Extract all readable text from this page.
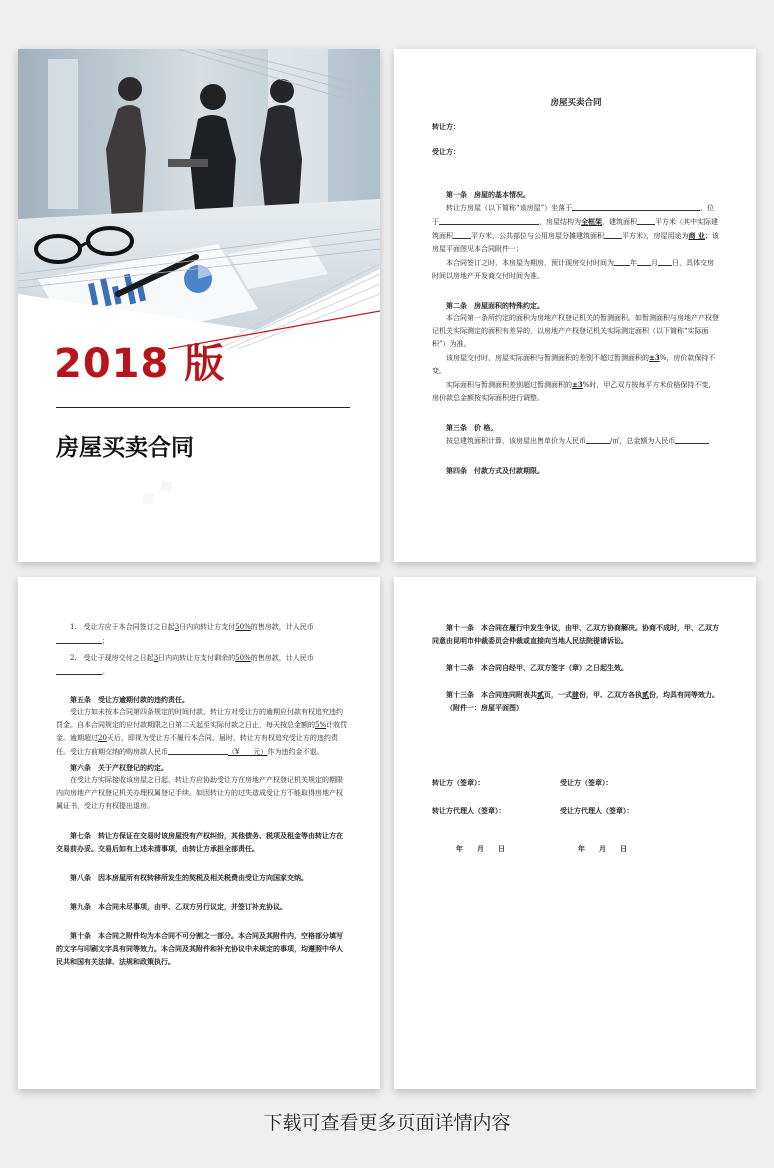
2018 版
房屋买卖合同

房屋买卖合同

转让方：

受让方：

第一条　房屋的基本情况。

转让方房屋（以下简称“该房屋”）坐落于	，位于	，房屋结构为全框架，建筑面积	平方米（其中实际建筑面积	平方米，公共部位与公用房屋分摊建筑面积	平方米），房屋用途为商 业；该房屋平面图见本合同附件一；

本合同签订之时，本房屋为期房，预计现房交付时间为 年 月 日，具体交房时间以房地产开发商交付时间为准。

第二条　房屋面积的特殊约定。

本合同第一条所约定的面积为房地产权登记机关的暂测面积。如暂测面积与房地产产权登记机关实际测定的面积有差异的，以房地产产权登记机关实际测定面积（以下简称“实际面积”）为准。

该房屋交付时，房屋实际面积与暂测面积的差别不超过暂测面积的±3%，房价款保持不变。

实际面积与暂测面积差别超过暂测面积的±3%时，甲乙双方按每平方米价格保持不变，房价款总金额按实际面积进行调整。

第三条　价 格。

按总建筑面积计算，该房屋出售单价为人民币	/㎡，总金额为人民币

第四条　付款方式及付款期限。

1.　受让方应于本合同签订之日起3日内向转让方支付50%的售房款，计人民币；

2.　受让于现房交付之日起3日内向转让方支付剩余的50%的售房款，计人民币。

第五条　受让方逾期付款的违约责任。

受让方如未按本合同第四条规定的时间付款，转让方对受让方的逾期应付款有权追究违约罚金。自本合同规定的应付款期限之日第二天起至实际付款之日止，每天按总金额的5%计收罚金。逾期超过20天后，即视为受让方不履行本合同。届时，转让方有权追究受让方的违约责任。受让方前期交纳的购房款人民币	（¥　　元）作为违约金不退。

第六条　关于产权登记的约定。

在受让方实际接收该房屋之日起，转让方应协助受让方在房地产产权登记机关规定的期限内向房地产产权登记机关办理权属登记手续。如因转让方的过失造成受让方不能取得房地产权属证书，受让方有权提出退房。

第七条　转让方保证在交易时该房屋没有产权纠纷，其他债务、税项及租金等由转让方在交易前办妥。交易后如有上述未清事项，由转让方承担全部责任。

第八条　因本房屋所有权转移所发生的契税及相关税费由受让方向国家交纳。

第九条　本合同未尽事项，由甲、乙双方另行议定，并签订补充协议。

第十条　本合同之附件均为本合同不可分割之一部分。本合同及其附件内，空格部分填写的文字与印刷文字具有同等效力。本合同及其附件和补充协议中未规定的事项，均遵照中华人民共和国有关法律、法规和政策执行。

第十一条　本合同在履行中发生争议，由甲、乙双方协商解决。协商不成时，甲、乙双方同意由昆明市仲裁委员会仲裁或直接向当地人民法院提请诉讼。

第十二条　本合同自经甲、乙双方签字（章）之日起生效。

第十三条　本合同连同附表共贰页，一式肆份，甲、乙双方各执贰份，均具有同等效力。

（附件一：房屋平面图）

转让方（签章）：	受让方（签章）：
转让方代理人（签章）：	受让方代理人（签章）：
年　　月　　日	年　　月　　日
下载可查看更多页面详情内容
